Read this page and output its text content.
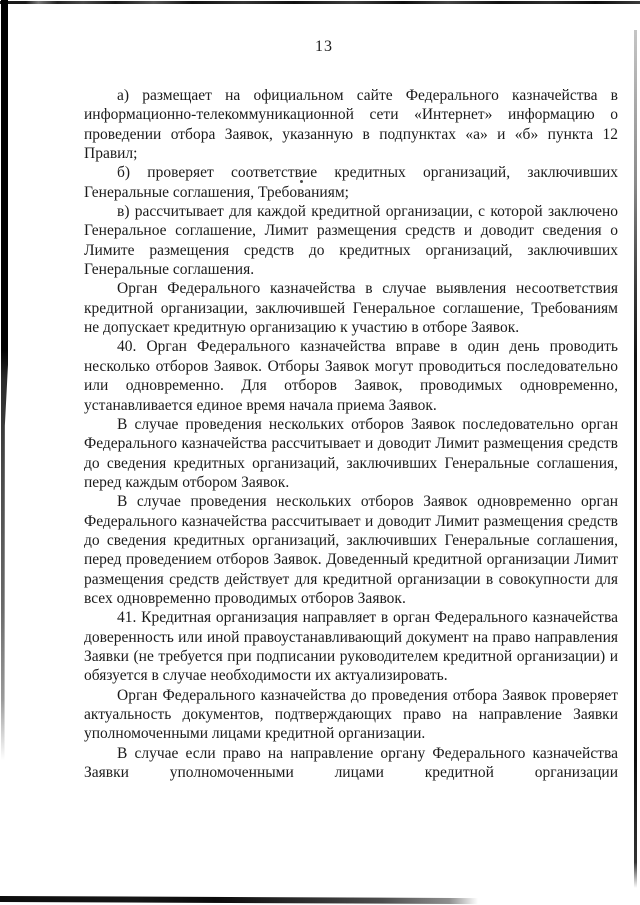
13

а) размещает на официальном сайте Федерального казначейства в информационно-телекоммуникационной сети «Интернет» информацию о проведении отбора Заявок, указанную в подпунктах «а» и «б» пункта 12 Правил;

б) проверяет соответствие кредитных организаций, заключивших Генеральные соглашения, Требованиям;

в) рассчитывает для каждой кредитной организации, с которой заключено Генеральное соглашение, Лимит размещения средств и доводит сведения о Лимите размещения средств до кредитных организаций, заключивших Генеральные соглашения.

Орган Федерального казначейства в случае выявления несоответствия кредитной организации, заключившей Генеральное соглашение, Требованиям не допускает кредитную организацию к участию в отборе Заявок.

40. Орган Федерального казначейства вправе в один день проводить несколько отборов Заявок. Отборы Заявок могут проводиться последовательно или одновременно. Для отборов Заявок, проводимых одновременно, устанавливается единое время начала приема Заявок.

В случае проведения нескольких отборов Заявок последовательно орган Федерального казначейства рассчитывает и доводит Лимит размещения средств до сведения кредитных организаций, заключивших Генеральные соглашения, перед каждым отбором Заявок.

В случае проведения нескольких отборов Заявок одновременно орган Федерального казначейства рассчитывает и доводит Лимит размещения средств до сведения кредитных организаций, заключивших Генеральные соглашения, перед проведением отборов Заявок. Доведенный кредитной организации Лимит размещения средств действует для кредитной организации в совокупности для всех одновременно проводимых отборов Заявок.

41. Кредитная организация направляет в орган Федерального казначейства доверенность или иной правоустанавливающий документ на право направления Заявки (не требуется при подписании руководителем кредитной организации) и обязуется в случае необходимости их актуализировать.

Орган Федерального казначейства до проведения отбора Заявок проверяет актуальность документов, подтверждающих право на направление Заявки уполномоченными лицами кредитной организации.

В случае если право на направление органу Федерального казначейства Заявки уполномоченными лицами кредитной организации
